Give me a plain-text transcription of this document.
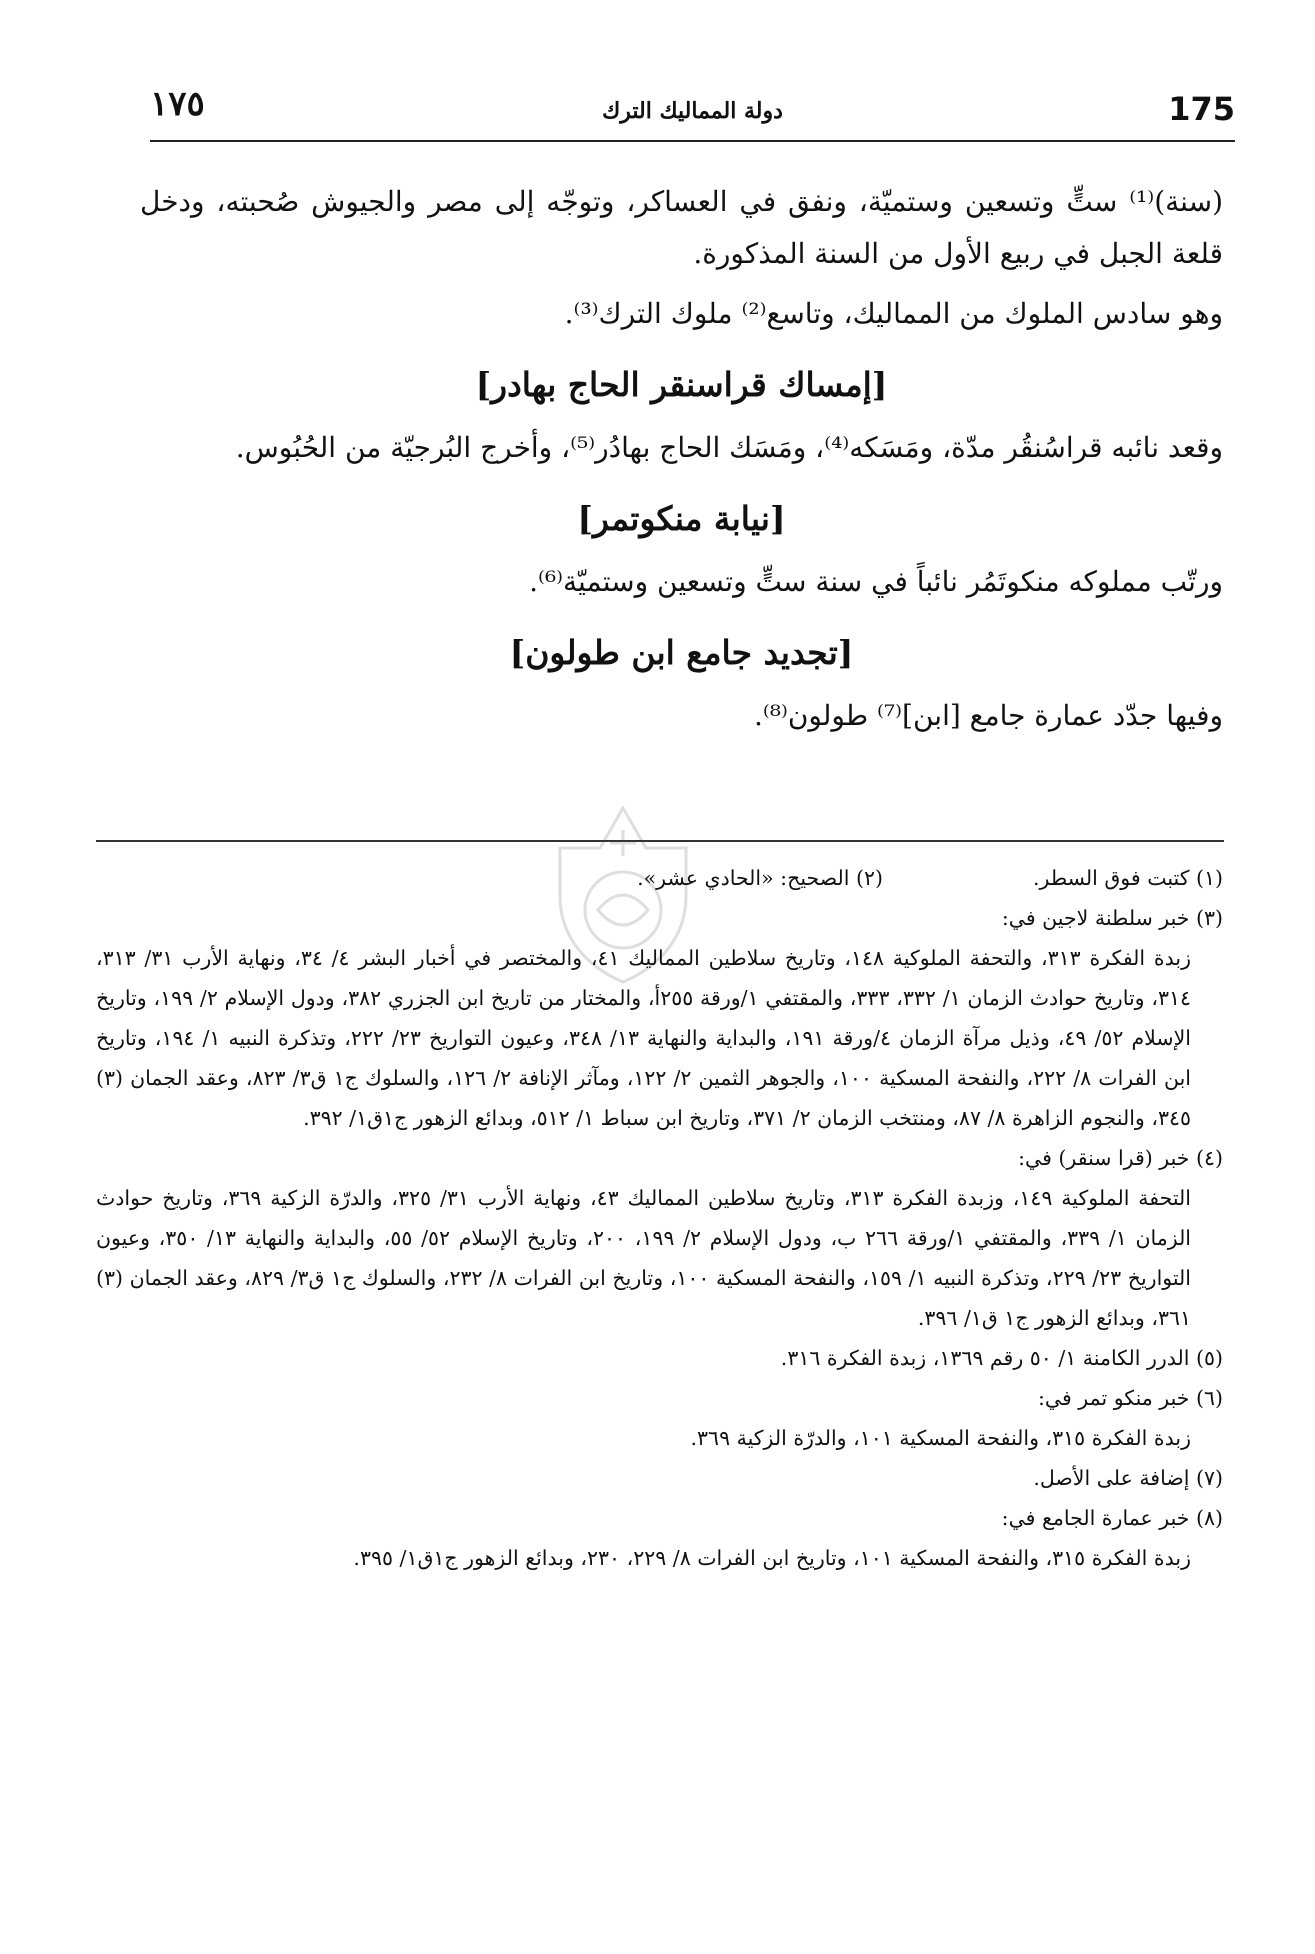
175
دولة المماليك الترك
١٧٥

(سنة)⁽¹⁾ ستٍّ وتسعين وستميّة، ونفق في العساكر، وتوجّه إلى مصر والجيوش صُحبته، ودخل قلعة الجبل في ربيع الأول من السنة المذكورة.

وهو سادس الملوك من المماليك، وتاسع⁽²⁾ ملوك الترك⁽³⁾.

[إمساك قراسنقر الحاج بهادر]

وقعد نائبه قراسُنقُر مدّة، ومَسَكه⁽⁴⁾، ومَسَك الحاج بهادُر⁽⁵⁾، وأخرج البُرجيّة من الحُبُوس.

[نيابة منكوتمر]

ورتّب مملوكه منكوتَمُر نائباً في سنة ستٍّ وتسعين وستميّة⁽⁶⁾.

[تجديد جامع ابن طولون]

وفيها جدّد عمارة جامع [ابن]⁽⁷⁾ طولون⁽⁸⁾.

(١) كتبت فوق السطر.
(٢) الصحيح: «الحادي عشر».
(٣) خبر سلطنة لاجين في:
زبدة الفكرة ٣١٣، والتحفة الملوكية ١٤٨، وتاريخ سلاطين المماليك ٤١، والمختصر في أخبار البشر ٤/ ٣٤، ونهاية الأرب ٣١/ ٣١٣، ٣١٤، وتاريخ حوادث الزمان ١/ ٣٣٢، ٣٣٣، والمقتفي ١/ورقة ٢٥٥أ، والمختار من تاريخ ابن الجزري ٣٨٢، ودول الإسلام ٢/ ١٩٩، وتاريخ الإسلام ٥٢/ ٤٩، وذيل مرآة الزمان ٤/ورقة ١٩١، والبداية والنهاية ١٣/ ٣٤٨، وعيون التواريخ ٢٣/ ٢٢٢، وتذكرة النبيه ١/ ١٩٤، وتاريخ ابن الفرات ٨/ ٢٢٢، والنفحة المسكية ١٠٠، والجوهر الثمين ٢/ ١٢٢، ومآثر الإنافة ٢/ ١٢٦، والسلوك ج١ ق٣/ ٨٢٣، وعقد الجمان (٣) ٣٤٥، والنجوم الزاهرة ٨/ ٨٧، ومنتخب الزمان ٢/ ٣٧١، وتاريخ ابن سباط ١/ ٥١٢، وبدائع الزهور ج١ق١/ ٣٩٢.
(٤) خبر (قرا سنقر) في:
التحفة الملوكية ١٤٩، وزبدة الفكرة ٣١٣، وتاريخ سلاطين المماليك ٤٣، ونهاية الأرب ٣١/ ٣٢٥، والدرّة الزكية ٣٦٩، وتاريخ حوادث الزمان ١/ ٣٣٩، والمقتفي ١/ورقة ٢٦٦ ب، ودول الإسلام ٢/ ١٩٩، ٢٠٠، وتاريخ الإسلام ٥٢/ ٥٥، والبداية والنهاية ١٣/ ٣٥٠، وعيون التواريخ ٢٣/ ٢٢٩، وتذكرة النبيه ١/ ١٥٩، والنفحة المسكية ١٠٠، وتاريخ ابن الفرات ٨/ ٢٣٢، والسلوك ج١ ق٣/ ٨٢٩، وعقد الجمان (٣) ٣٦١، وبدائع الزهور ج١ ق١/ ٣٩٦.
(٥) الدرر الكامنة ١/ ٥٠ رقم ١٣٦٩، زبدة الفكرة ٣١٦.
(٦) خبر منكو تمر في:
زبدة الفكرة ٣١٥، والنفحة المسكية ١٠١، والدرّة الزكية ٣٦٩.
(٧) إضافة على الأصل.
(٨) خبر عمارة الجامع في:
زبدة الفكرة ٣١٥، والنفحة المسكية ١٠١، وتاريخ ابن الفرات ٨/ ٢٢٩، ٢٣٠، وبدائع الزهور ج١ق١/ ٣٩٥.
